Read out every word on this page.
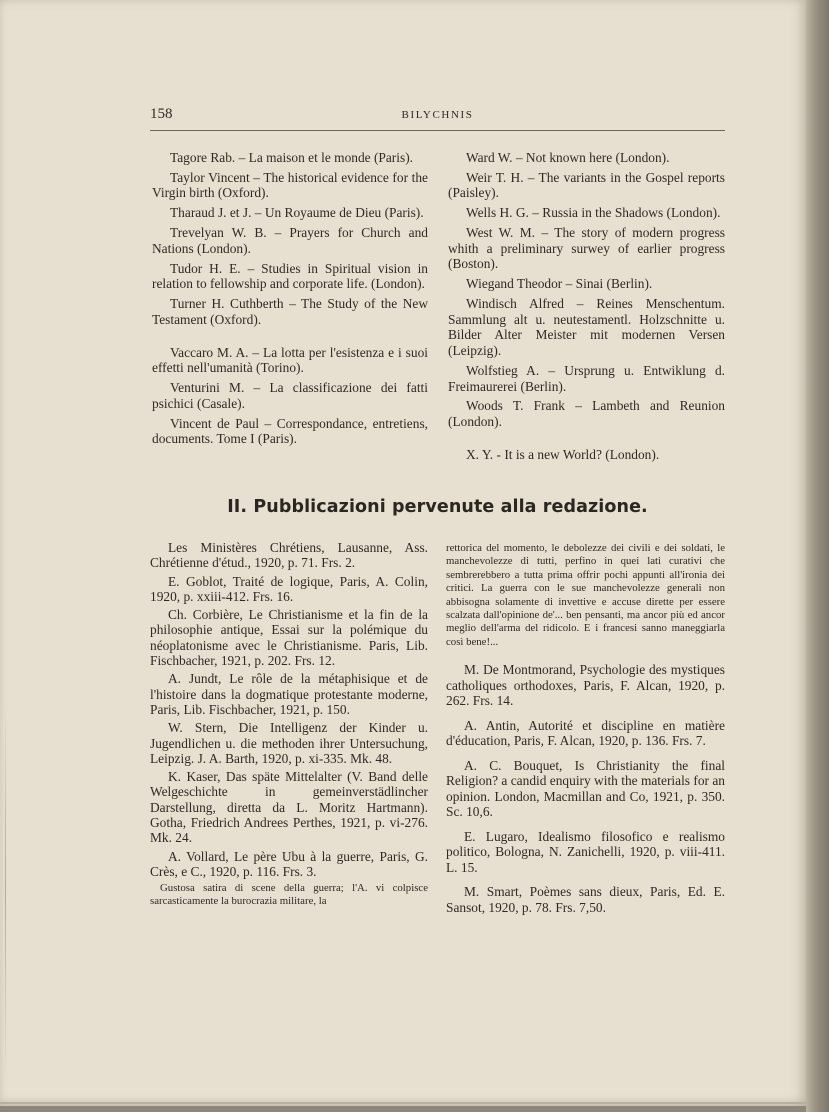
158	BILYCHNIS

Tagore Rab. – La maison et le monde (Paris).

Taylor Vincent – The historical evidence for the Virgin birth (Oxford).

Tharaud J. et J. – Un Royaume de Dieu (Paris).

Trevelyan W. B. – Prayers for Church and Nations (London).

Tudor H. E. – Studies in Spiritual vision in relation to fellowship and corporate life. (London).

Turner H. Cuthberth – The Study of the New Testament (Oxford).

Vaccaro M. A. – La lotta per l'esistenza e i suoi effetti nell'umanità (Torino).

Venturini M. – La classificazione dei fatti psichici (Casale).

Vincent de Paul – Correspondance, entretiens, documents. Tome I (Paris).

Ward W. – Not known here (London).

Weir T. H. – The variants in the Gospel reports (Paisley).

Wells H. G. – Russia in the Shadows (London).

West W. M. – The story of modern progress whith a preliminary surwey of earlier progress (Boston).

Wiegand Theodor – Sinai (Berlin).

Windisch Alfred – Reines Menschentum. Sammlung alt u. neutestamentl. Holzschnitte u. Bilder Alter Meister mit modernen Versen (Leipzig).

Wolfstieg A. – Ursprung u. Entwiklung d. Freimaurerei (Berlin).

Woods T. Frank – Lambeth and Reunion (London).

X. Y. - It is a new World? (London).

II. Pubblicazioni pervenute alla redazione.

Les Ministères Chrétiens, Lausanne, Ass. Chrétienne d'étud., 1920, p. 71. Frs. 2.

E. Goblot, Traité de logique, Paris, A. Colin, 1920, p. xxiii-412. Frs. 16.

Ch. Corbière, Le Christianisme et la fin de la philosophie antique, Essai sur la polémique du néoplatonisme avec le Christianisme. Paris, Lib. Fischbacher, 1921, p. 202. Frs. 12.

A. Jundt, Le rôle de la métaphisique et de l'histoire dans la dogmatique protestante moderne, Paris, Lib. Fischbacher, 1921, p. 150.

W. Stern, Die Intelligenz der Kinder u. Jugendlichen u. die methoden ihrer Untersuchung, Leipzig. J. A. Barth, 1920, p. xi-335. Mk. 48.

K. Kaser, Das späte Mittelalter (V. Band delle Welgeschichte in gemeinverstädlincher Darstellung, diretta da L. Moritz Hartmann). Gotha, Friedrich Andrees Perthes, 1921, p. vi-276. Mk. 24.

A. Vollard, Le père Ubu à la guerre, Paris, G. Crès, e C., 1920, p. 116. Frs. 3.

Gustosa satira di scene della guerra; l'A. vi colpisce sarcasticamente la burocrazia militare, la

rettorica del momento, le debolezze dei civili e dei soldati, le manchevolezze di tutti, perfino in quei lati curativi che sembrerebbero a tutta prima offrir pochi appunti all'ironia dei critici. La guerra con le sue manchevolezze generali non abbisogna solamente di invettive e accuse dirette per essere scalzata dall'opinione de'... ben pensanti, ma ancor più ed ancor meglio dell'arma del ridicolo. E i francesi sanno maneggiarla così bene!...

M. De Montmorand, Psychologie des mystiques catholiques orthodoxes, Paris, F. Alcan, 1920, p. 262. Frs. 14.

A. Antin, Autorité et discipline en matière d'éducation, Paris, F. Alcan, 1920, p. 136. Frs. 7.

A. C. Bouquet, Is Christianity the final Religion? a candid enquiry with the materials for an opinion. London, Macmillan and Co, 1921, p. 350. Sc. 10,6.

E. Lugaro, Idealismo filosofico e realismo politico, Bologna, N. Zanichelli, 1920, p. viii-411. L. 15.

M. Smart, Poèmes sans dieux, Paris, Ed. E. Sansot, 1920, p. 78. Frs. 7,50.
